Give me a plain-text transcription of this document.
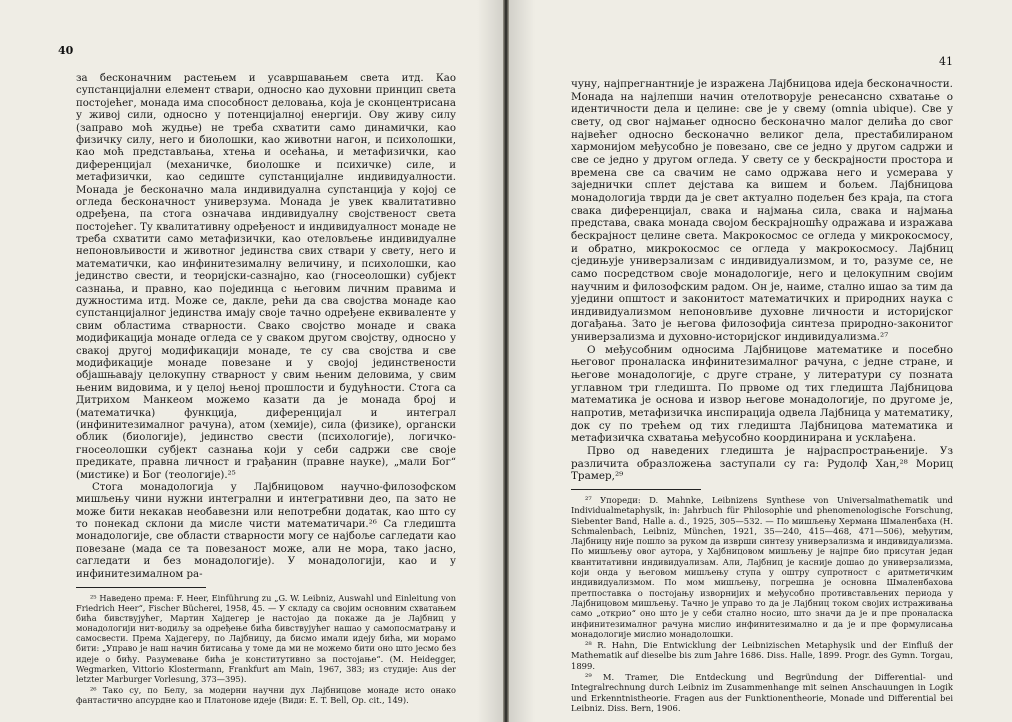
40

за бесконачним растењем и усавршавањем света итд. Као супстанцијални елемент ствари, односно као духовни принцип света постојећег, монада има способност деловања, која је сконцентрисана у живој сили, односно у потенцијалној енергији. Ову живу силу (заправо моћ жудње) не треба схватити само динамички, као физичку силу, него и биолошки, као животни нагон, и психолошки, као моћ представљања, хтења и осећања, и метафизички, као диференцијал (механичке, биолошке и психичке) силе, и метафизички, као седиште супстанцијалне индивидуалности. Монада је бесконачно мала индивидуална супстанција у којој се огледа бесконачност универзума. Монада је увек квалитативно одређена, па стога означава индивидуалну својственост света постојећег. Ту квалитативну одређеност и индивидуалност монаде не треба схватити само метафизички, као отеловљење индивидуалне непоновљивости и животног јединства свих ствари у свету, него и математички, као инфинитезималну величину, и психолошки, као јединство свести, и теоријски-сазнајно, као (гносеолошки) субјект сазнања, и правно, као појединца с његовим личним правима и дужностима итд. Може се, дакле, рећи да сва својства монаде као супстанцијалног јединства имају своје тачно одређене еквиваленте у свим областима стварности. Свако својство монаде и свака модификација монаде огледа се у сваком другом својству, односно у свакој другој модификацији монаде, те су сва својства и све модификације монаде повезане и у својој јединствености објашњавају целокупну стварност у свим њеним деловима, у свим њеним видовима, и у целој њеној прошлости и будућности. Стога са Дитрихом Манкеом можемо казати да је монада број и (математичка) функција, диференцијал и интеграл (инфинитезималног рачуна), атом (хемије), сила (физике), органски облик (биологије), јединство свести (психологије), логичко-гносеолошки субјект сазнања који у себи садржи све своје предикате, правна личност и грађанин (правне науке), „мали Бог“ (мистике) и Бог (теологије).²⁵

Стога монадологија у Лајбницовом научно-филозофском мишљењу чини нужни интегрални и интегративни део, па зато не може бити некакав необавезни или непотребни додатак, као што су то понекад склони да мисле чисти математичари.²⁶ Са гледишта монадологије, све области стварности могу се најбоље сагледати као повезане (мада се та повезаност може, али не мора, тако јасно, сагледати и без монадологије). У монадологији, као и у инфинитезималном ра-

²⁵ Наведено према: F. Heer, Einführung zu „G. W. Leibniz, Auswahl und Einleitung von Friedrich Heer“, Fischer Bücherei, 1958, 45. — У складу са својим основним схватањем бића бивствујућег, Мартин Хајдегер је настојао да покаже да је Лајбниц у монадологији нит-водиљу за одређење бића бивствујућег нашао у самопосматрању и самосвести. Према Хајдегеру, по Лајбницу, да бисмо имали идеју бића, ми морамо бити: „Управо је наш начин битисања у томе да ми не можемо бити оно што јесмо без идеје о бићу. Разумевање бића је конститутивно за постојање“. (M. Heidegger, Wegmarken, Vittorio Klostermann, Frankfurt am Main, 1967, 383; из студије: Aus der letzter Marburger Vorlesung, 373—395).

²⁶ Тако су, по Белу, за модерни научни дух Лајбницове монаде исто онако фантастично апсурдне као и Платонове идеје (Види: E. T. Bell, Op. cit., 149).

41

чуну, најпрегнантније је изражена Лајбницова идеја бесконачности. Монада на најлепши начин отелотворује ренесансно схватање о идентичности дела и целине: све је у свему (omnia ubique). Све у свету, од свог најмањег односно бесконачно малог делића до свог највећег односно бесконачно великог дела, престабилираном хармонијом међусобно је повезано, све се једно у другом садржи и све се једно у другом огледа. У свету се у бескрајности простора и времена све са свачим не само одржава него и усмерава у заједнички сплет дејстава ка вишем и бољем. Лајбницова монадологија тврди да је свет актуално подељен без краја, па стога свака диференцијал, свака и најмања сила, свака и најмања представа, свака монада својом бескрајношћу одражава и изражава бескрајност целине света. Макрокосмос се огледа у микрокосмосу, и обратно, микрокосмос се огледа у макрокосмосу. Лајбниц сједињује универзализам с индивидуализмом, и то, разуме се, не само посредством своје монадологије, него и целокупним својим научним и филозофским радом. Он је, наиме, стално ишао за тим да уједини општост и законитост математичких и природних наука с индивидуализмом непоновљиве духовне личности и историјског догађања. Зато је његова филозофија синтеза природно-законитог универзализма и духовно-историјског индивидуализма.²⁷

О међусобним односима Лајбницове математике и посебно његовог проналаска инфинитезималног рачуна, с једне стране, и његове монадологије, с друге стране, у литератури су позната углавном три гледишта. По првоме од тих гледишта Лајбницова математика је основа и извор његове монадологије, по другоме је, напротив, метафизичка инспирација одвела Лајбница у математику, док су по трећем од тих гледишта Лајбницова математика и метафизичка схватања међусобно координирана и усклађена.

Прво од наведених гледишта је најраспрострањеније. Уз различита образложења заступали су га: Рудолф Хан,²⁸ Мориц Трамер,²⁹

²⁷ Упореди: D. Mahnke, Leibnizens Synthese von Universalmathematik und Individualmetaphysik, in: Jahrbuch für Philosophie und phenomenologische Forschung, Siebenter Band, Halle a. d., 1925, 305—532. — По мишљењу Хермана Шмаленбаха (H. Schmalenbach, Leibniz, München, 1921, 35—240, 415—468, 471—506), међутим, Лајбницу није пошло за руком да изврши синтезу универзализма и индивидуализма. По мишљењу овог аутора, у Хајбницовом мишљењу је најпре био присутан један квантитативни индивидуализам. Али, Лајбниц је касније дошао до универзализма, који онда у његовом мишљењу ступа у оштру супротност с аритметичким индивидуализмом. По мом мишљењу, погрешна је основна Шмаленбахова претпоставка о постојању изворнијих и међусобно противстављених периода у Лајбницовом мишљењу. Тачно је управо то да је Лајбниц током својих истраживања само „открио“ оно што је у себи стално носио, што значи да је и пре проналаска инфинитезималног рачуна мислио инфинитезимално и да је и пре формулисања монадологије мислио монадолошки.

²⁸ R. Hahn, Die Entwicklung der Leibnizischen Metaphysik und der Einfluß der Mathematik auf dieselbe bis zum Jahre 1686. Diss. Halle, 1899. Progr. des Gymn. Torgau, 1899.

²⁹ M. Tramer, Die Entdeckung und Begründung der Differential- und Integralrechnung durch Leibniz im Zusammenhange mit seinen Anschauungen in Logik und Erkenntnistheorie. Fragen aus der Funktionentheorie, Monade und Differential bei Leibniz. Diss. Bern, 1906.
